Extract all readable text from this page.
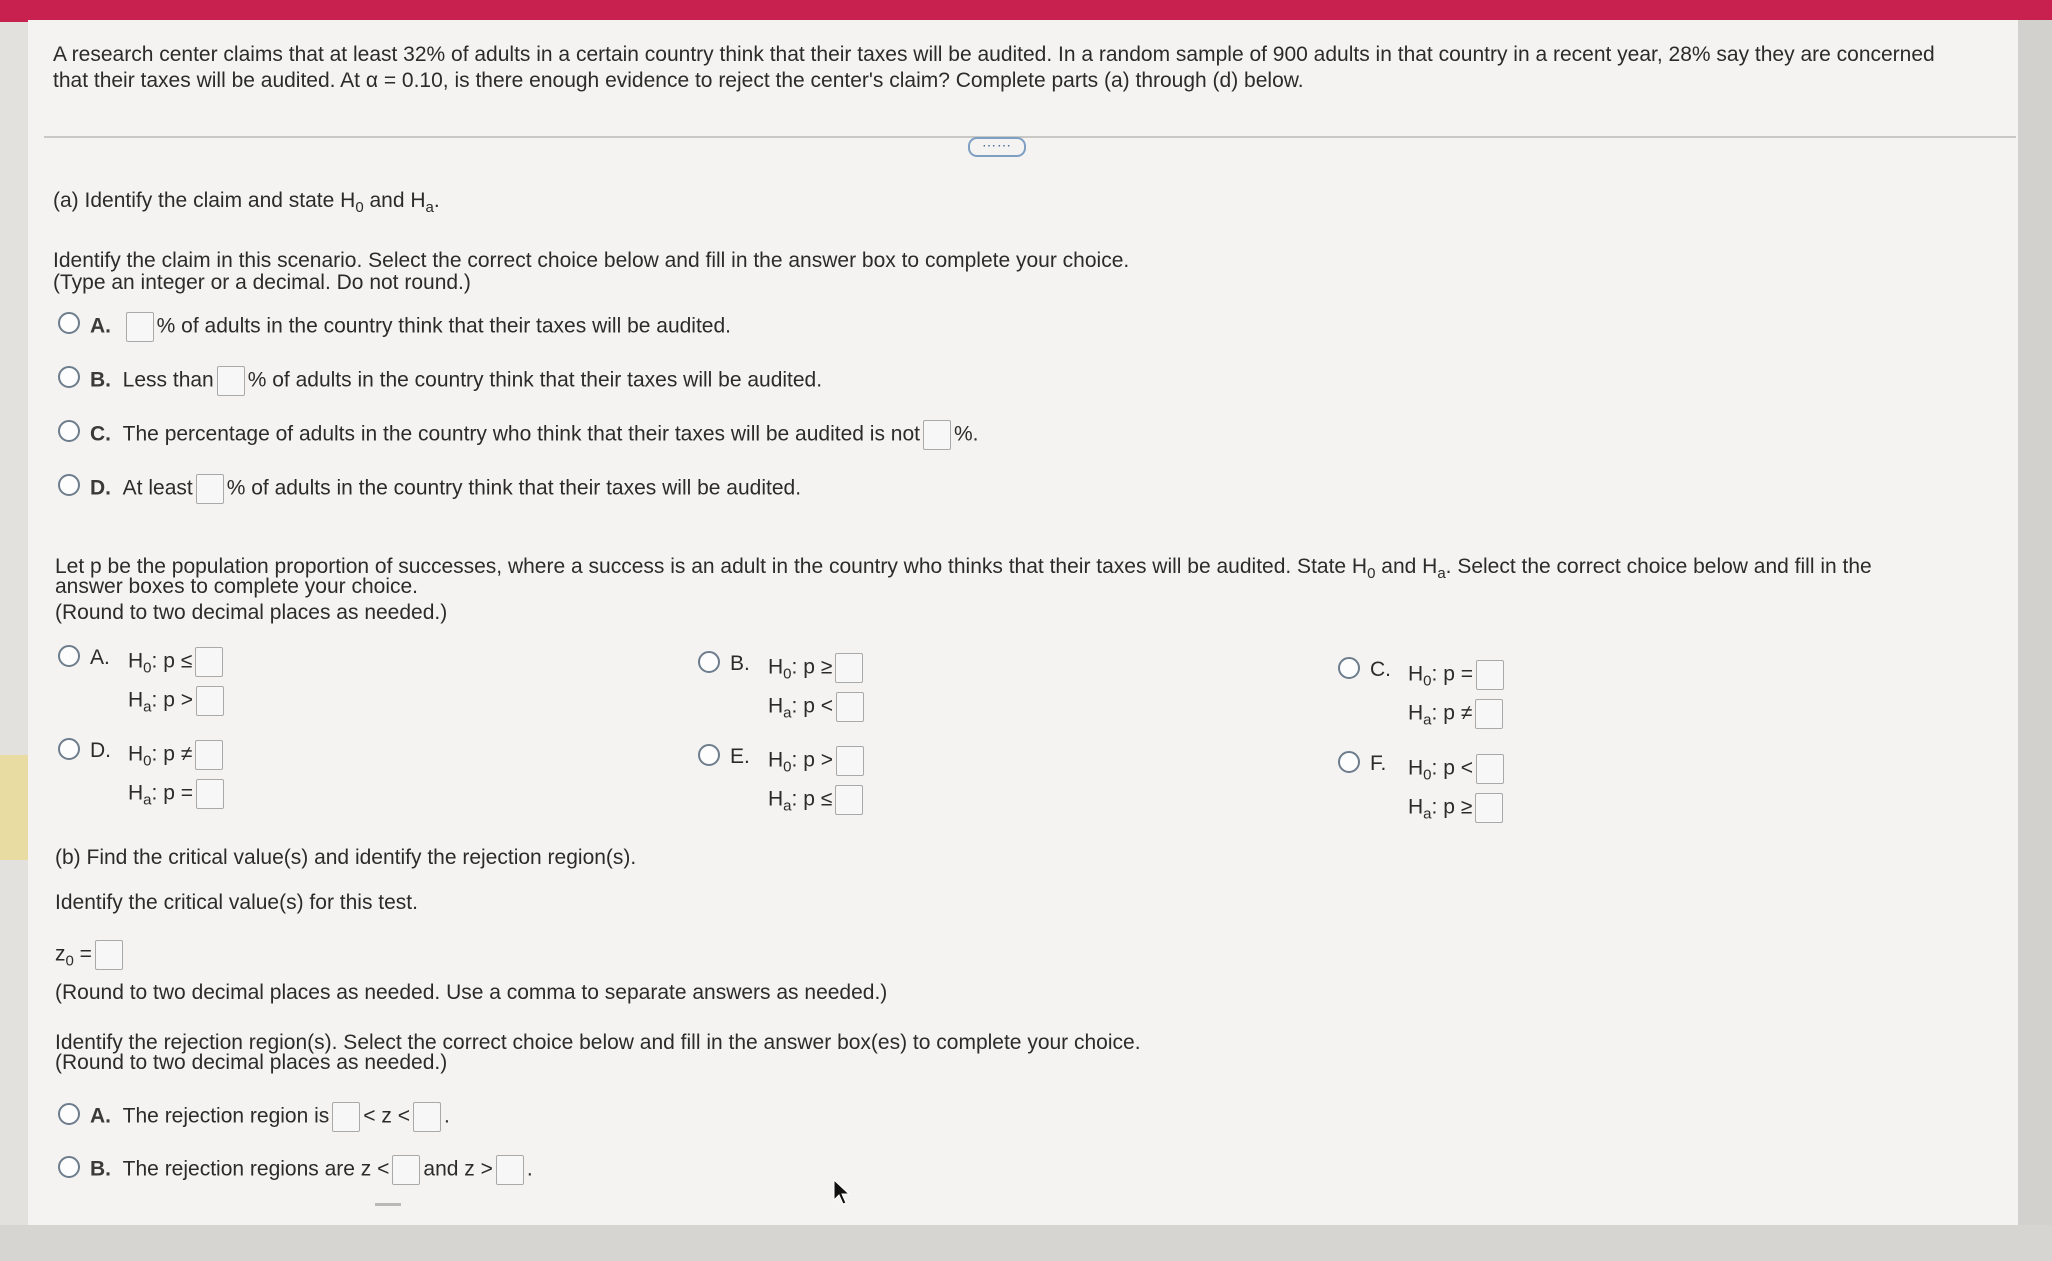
A research center claims that at least 32% of adults in a certain country think that their taxes will be audited. In a random sample of 900 adults in that country in a recent year, 28% say they are concerned
that their taxes will be audited. At α = 0.10, is there enough evidence to reject the center's claim? Complete parts (a) through (d) below.
⋯⋯
(a) Identify the claim and state $H_0$ and $H_a$.
Identify the claim in this scenario. Select the correct choice below and fill in the answer box to complete your choice.
(Type an integer or a decimal. Do not round.)
A. % of adults in the country think that their taxes will be audited.
B. Less than % of adults in the country think that their taxes will be audited.
C. The percentage of adults in the country who think that their taxes will be audited is not %.
D. At least % of adults in the country think that their taxes will be audited.
Let p be the population proportion of successes, where a success is an adult in the country who thinks that their taxes will be audited. State $H_0$ and $H_a$. Select the correct choice below and fill in the
answer boxes to complete your choice.
(Round to two decimal places as needed.)
A. $H_0$: p ≤
$H_a$: p >
B. $H_0$: p ≥
$H_a$: p <
C. $H_0$: p =
$H_a$: p ≠
D. $H_0$: p ≠
$H_a$: p =
E. $H_0$: p >
$H_a$: p ≤
F. $H_0$: p <
$H_a$: p ≥
(b) Find the critical value(s) and identify the rejection region(s).
Identify the critical value(s) for this test.
$z_0$ =
(Round to two decimal places as needed. Use a comma to separate answers as needed.)
Identify the rejection region(s). Select the correct choice below and fill in the answer box(es) to complete your choice.
(Round to two decimal places as needed.)
A. The rejection region is < z < .
B. The rejection regions are z < and z > .
